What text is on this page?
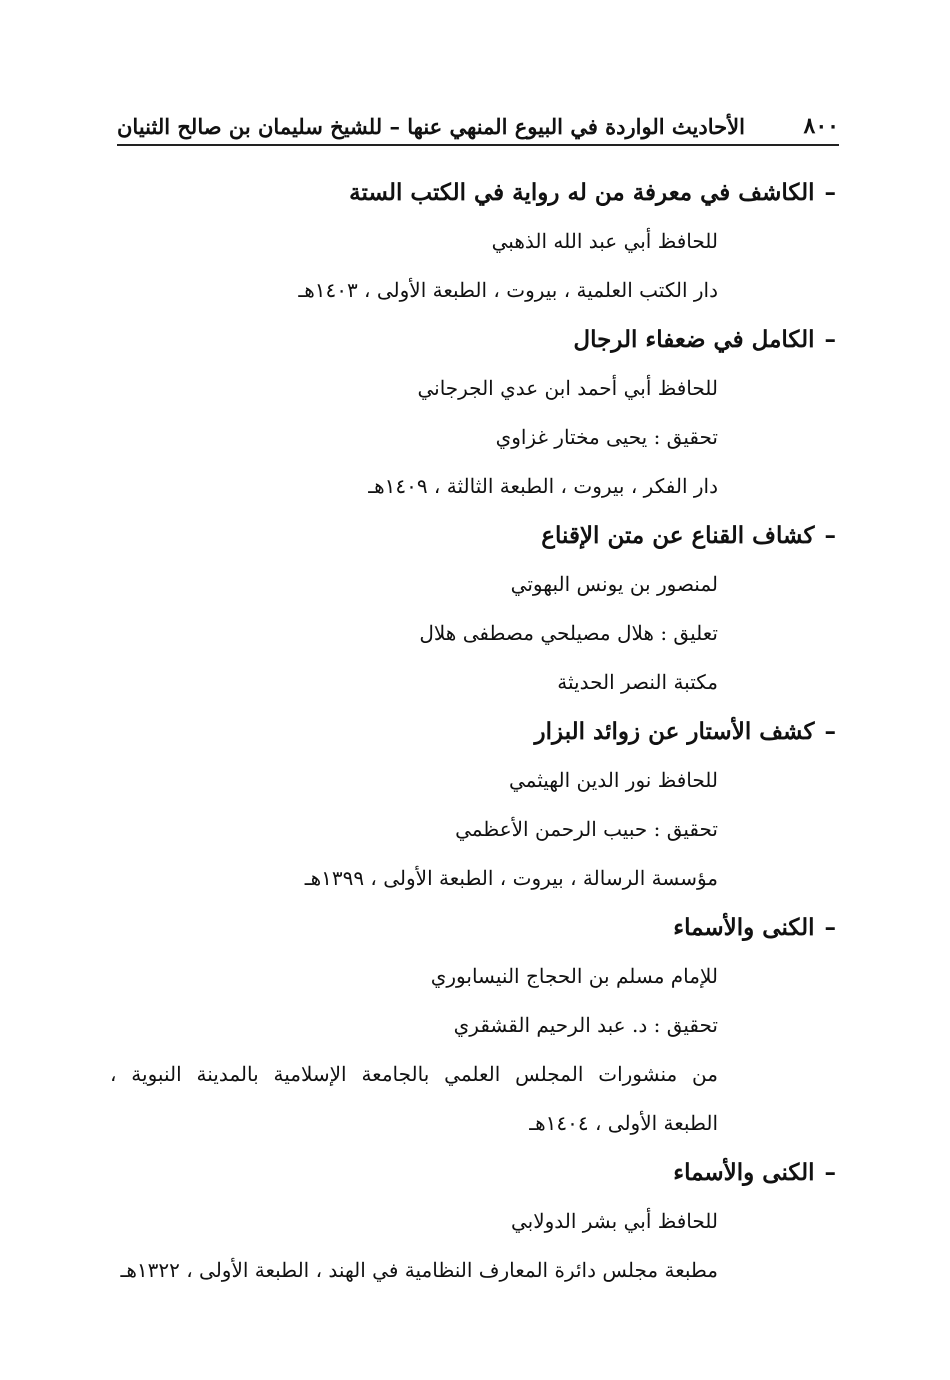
٨٠٠
الأحاديث الواردة في البيوع المنهي عنها – للشيخ سليمان بن صالح الثنيان
–الكاشف في معرفة من له رواية في الكتب الستة
للحافظ أبي عبد الله الذهبي
دار الكتب العلمية ، بيروت ، الطبعة الأولى ، ١٤٠٣هـ
–الكامل في ضعفاء الرجال
للحافظ أبي أحمد ابن عدي الجرجاني
تحقيق : يحيى مختار غزاوي
دار الفكر ، بيروت ، الطبعة الثالثة ، ١٤٠٩هـ
–كشاف القناع عن متن الإقناع
لمنصور بن يونس البهوتي
تعليق : هلال مصيلحي مصطفى هلال
مكتبة النصر الحديثة
–كشف الأستار عن زوائد البزار
للحافظ نور الدين الهيثمي
تحقيق : حبيب الرحمن الأعظمي
مؤسسة الرسالة ، بيروت ، الطبعة الأولى ، ١٣٩٩هـ
–الكنى والأسماء
للإمام مسلم بن الحجاج النيسابوري
تحقيق : د. عبد الرحيم القشقري
من منشورات المجلس العلمي بالجامعة الإسلامية بالمدينة النبوية ،
الطبعة الأولى ، ١٤٠٤هـ
–الكنى والأسماء
للحافظ أبي بشر الدولابي
مطبعة مجلس دائرة المعارف النظامية في الهند ، الطبعة الأولى ، ١٣٢٢هـ
